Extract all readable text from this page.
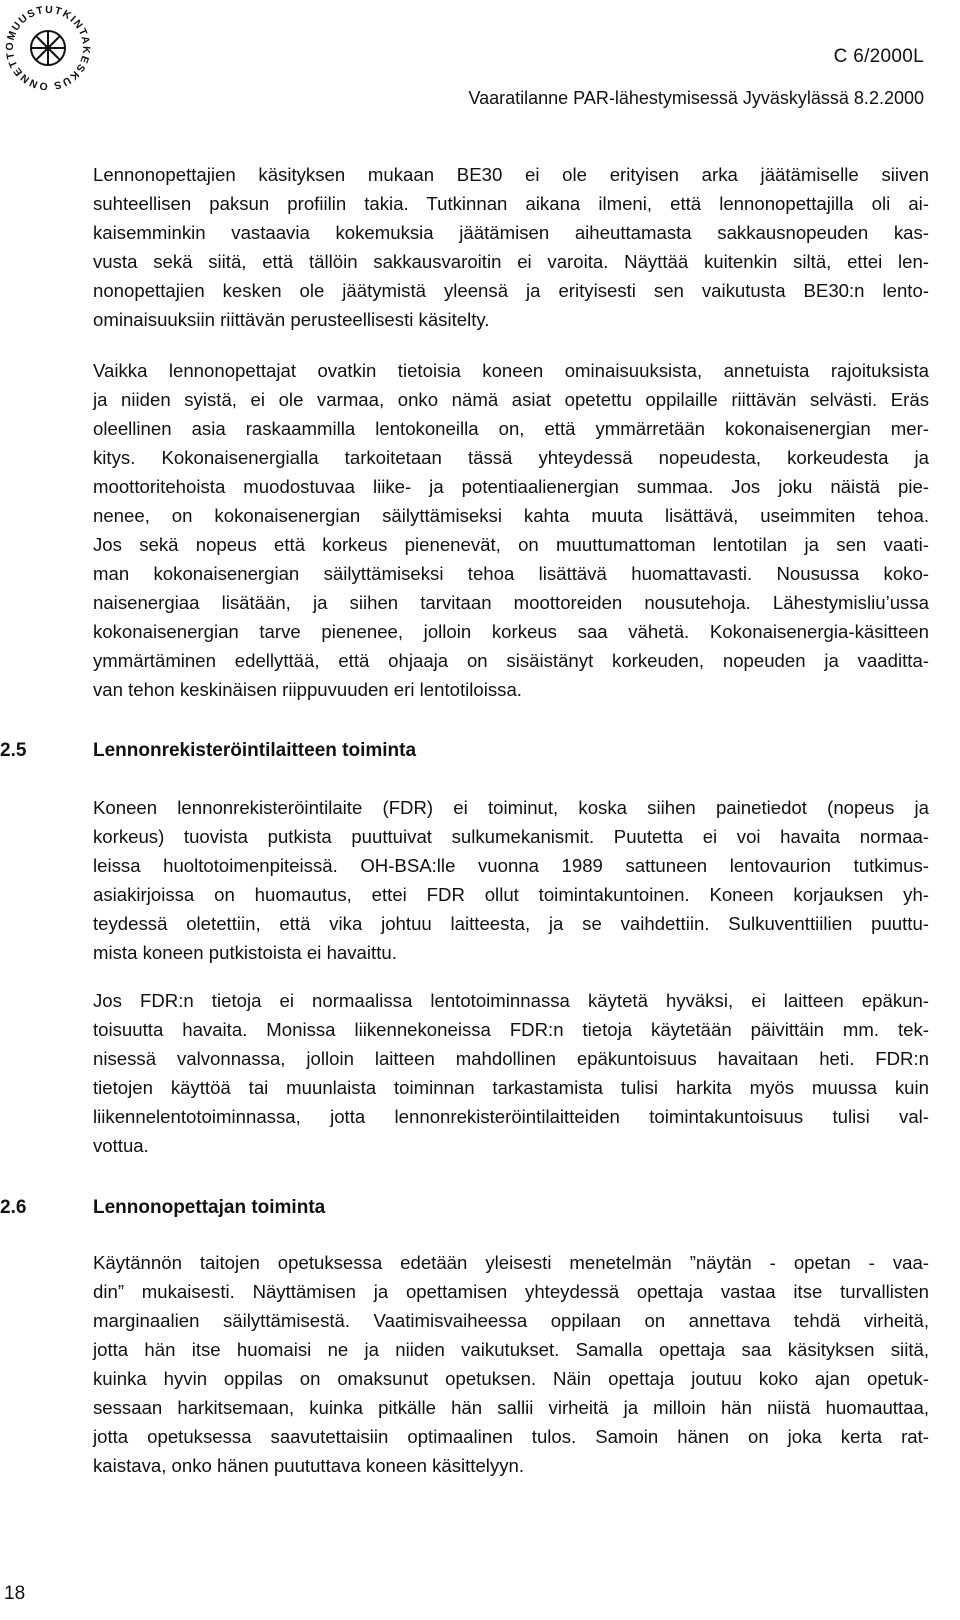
ONNETTOMUUSTUTKINTAKESKUS
C 6/2000L
Vaaratilanne PAR-lähestymisessä Jyväskylässä 8.2.2000
Lennonopettajien käsityksen mukaan BE30 ei ole erityisen arka jäätämiselle siiven
suhteellisen paksun profiilin takia. Tutkinnan aikana ilmeni, että lennonopettajilla oli ai-
kaisemminkin vastaavia kokemuksia jäätämisen aiheuttamasta sakkausnopeuden kas-
vusta sekä siitä, että tällöin sakkausvaroitin ei varoita. Näyttää kuitenkin siltä, ettei len-
nonopettajien kesken ole jäätymistä yleensä ja erityisesti sen vaikutusta BE30:n lento-
ominaisuuksiin riittävän perusteellisesti käsitelty.
Vaikka lennonopettajat ovatkin tietoisia koneen ominaisuuksista, annetuista rajoituksista
ja niiden syistä, ei ole varmaa, onko nämä asiat opetettu oppilaille riittävän selvästi. Eräs
oleellinen asia raskaammilla lentokoneilla on, että ymmärretään kokonaisenergian mer-
kitys. Kokonaisenergialla tarkoitetaan tässä yhteydessä nopeudesta, korkeudesta ja
moottoritehoista muodostuvaa liike- ja potentiaalienergian summaa. Jos joku näistä pie-
nenee, on kokonaisenergian säilyttämiseksi kahta muuta lisättävä, useimmiten tehoa.
Jos sekä nopeus että korkeus pienenevät, on muuttumattoman lentotilan ja sen vaati-
man kokonaisenergian säilyttämiseksi tehoa lisättävä huomattavasti. Nousussa koko-
naisenergiaa lisätään, ja siihen tarvitaan moottoreiden nousutehoja. Lähestymisliu’ussa
kokonaisenergian tarve pienenee, jolloin korkeus saa vähetä. Kokonaisenergia-käsitteen
ymmärtäminen edellyttää, että ohjaaja on sisäistänyt korkeuden, nopeuden ja vaaditta-
van tehon keskinäisen riippuvuuden eri lentotiloissa.
2.5	Lennonrekisteröintilaitteen toiminta
Koneen lennonrekisteröintilaite (FDR) ei toiminut, koska siihen painetiedot (nopeus ja
korkeus) tuovista putkista puuttuivat sulkumekanismit. Puutetta ei voi havaita normaa-
leissa huoltotoimenpiteissä. OH-BSA:lle vuonna 1989 sattuneen lentovaurion tutkimus-
asiakirjoissa on huomautus, ettei FDR ollut toimintakuntoinen. Koneen korjauksen yh-
teydessä oletettiin, että vika johtuu laitteesta, ja se vaihdettiin. Sulkuventtiilien puuttu-
mista koneen putkistoista ei havaittu.
Jos FDR:n tietoja ei normaalissa lentotoiminnassa käytetä hyväksi, ei laitteen epäkun-
toisuutta havaita. Monissa liikennekoneissa FDR:n tietoja käytetään päivittäin mm. tek-
nisessä valvonnassa, jolloin laitteen mahdollinen epäkuntoisuus havaitaan heti. FDR:n
tietojen käyttöä tai muunlaista toiminnan tarkastamista tulisi harkita myös muussa kuin
liikennelentotoiminnassa, jotta lennonrekisteröintilaitteiden toimintakuntoisuus tulisi val-
vottua.
2.6	Lennonopettajan toiminta
Käytännön taitojen opetuksessa edetään yleisesti menetelmän ”näytän - opetan - vaa-
din” mukaisesti. Näyttämisen ja opettamisen yhteydessä opettaja vastaa itse turvallisten
marginaalien säilyttämisestä. Vaatimisvaiheessa oppilaan on annettava tehdä virheitä,
jotta hän itse huomaisi ne ja niiden vaikutukset. Samalla opettaja saa käsityksen siitä,
kuinka hyvin oppilas on omaksunut opetuksen. Näin opettaja joutuu koko ajan opetuk-
sessaan harkitsemaan, kuinka pitkälle hän sallii virheitä ja milloin hän niistä huomauttaa,
jotta opetuksessa saavutettaisiin optimaalinen tulos. Samoin hänen on joka kerta rat-
kaistava, onko hänen puututtava koneen käsittelyyn.
18
